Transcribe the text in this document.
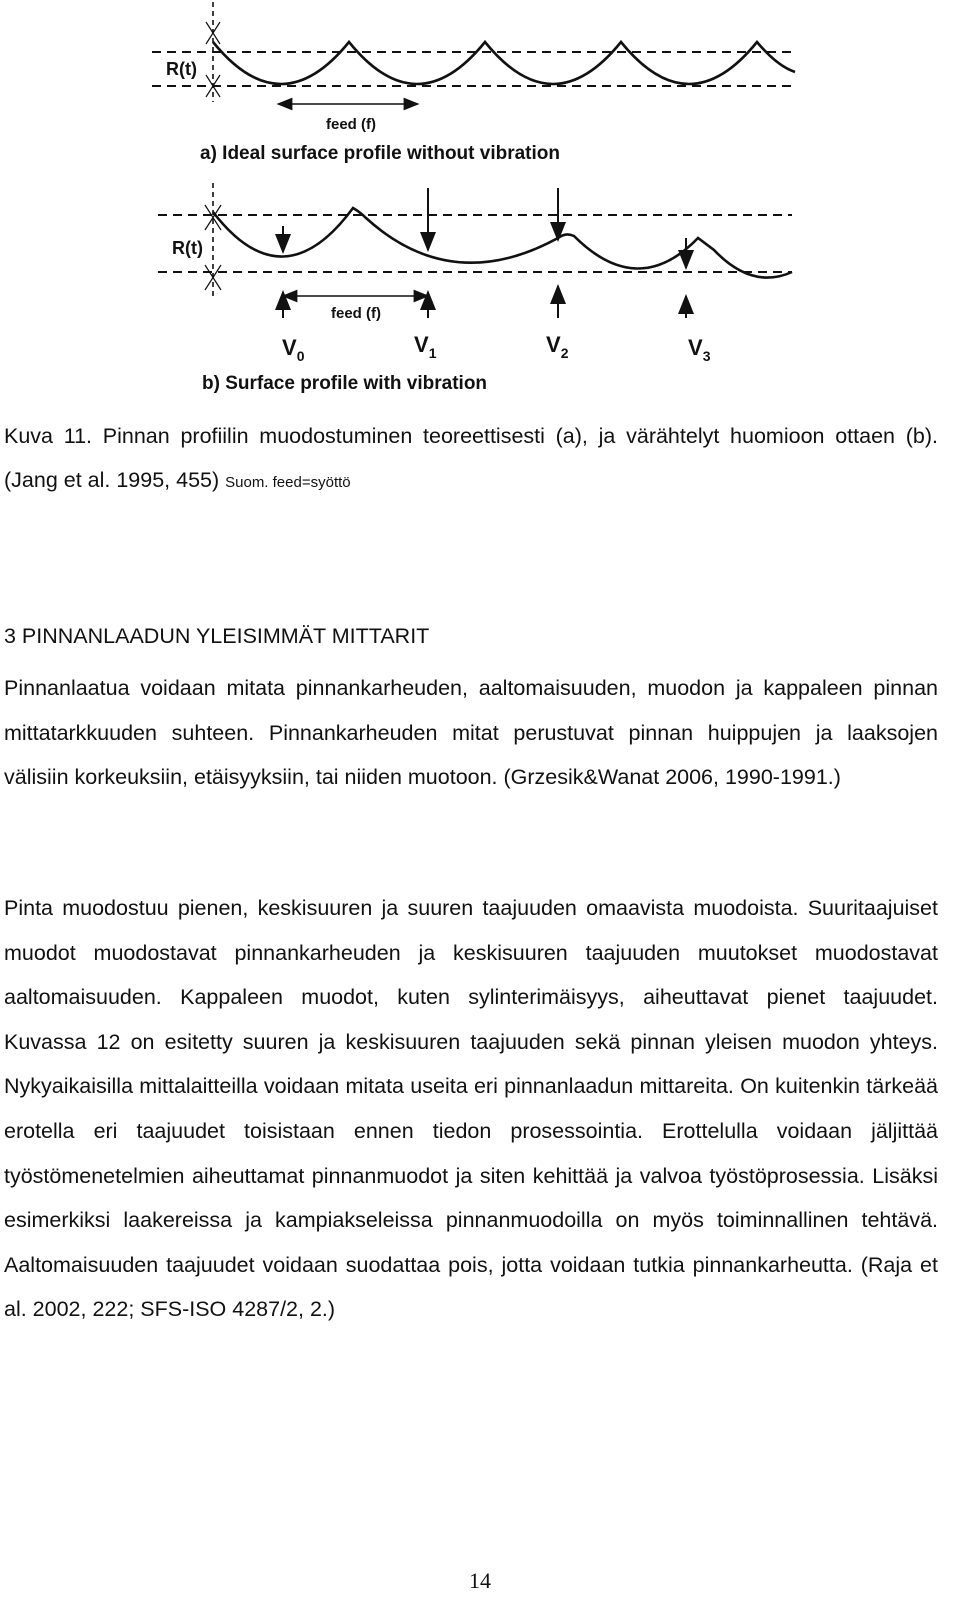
R(t)
feed (f)
a) Ideal surface profile without vibration
R(t)
feed (f)
$V_0$	$V_1$	$V_2$	$V_3$
b) Surface profile with vibration

Kuva 11. Pinnan profiilin muodostuminen teoreettisesti (a), ja värähtelyt huomioon ottaen (b). (Jang et al. 1995, 455) Suom. feed=syöttö

3 PINNANLAADUN YLEISIMMÄT MITTARIT

Pinnanlaatua voidaan mitata pinnankarheuden, aaltomaisuuden, muodon ja kappaleen pinnan mittatarkkuuden suhteen. Pinnankarheuden mitat perustuvat pinnan huippujen ja laaksojen välisiin korkeuksiin, etäisyyksiin, tai niiden muotoon. (Grzesik&Wanat 2006, 1990-1991.)

Pinta muodostuu pienen, keskisuuren ja suuren taajuuden omaavista muodoista. Suuritaajuiset muodot muodostavat pinnankarheuden ja keskisuuren taajuuden muutokset muodostavat aaltomaisuuden. Kappaleen muodot, kuten sylinterimäisyys, aiheuttavat pienet taajuudet. Kuvassa 12 on esitetty suuren ja keskisuuren taajuuden sekä pinnan yleisen muodon yhteys. Nykyaikaisilla mittalaitteilla voidaan mitata useita eri pinnanlaadun mittareita. On kuitenkin tärkeää erotella eri taajuudet toisistaan ennen tiedon prosessointia. Erottelulla voidaan jäljittää työstömenetelmien aiheuttamat pinnanmuodot ja siten kehittää ja valvoa työstöprosessia. Lisäksi esimerkiksi laakereissa ja kampiakseleissa pinnanmuodoilla on myös toiminnallinen tehtävä. Aaltomaisuuden taajuudet voidaan suodattaa pois, jotta voidaan tutkia pinnankarheutta. (Raja et al. 2002, 222; SFS-ISO 4287/2, 2.)

14
